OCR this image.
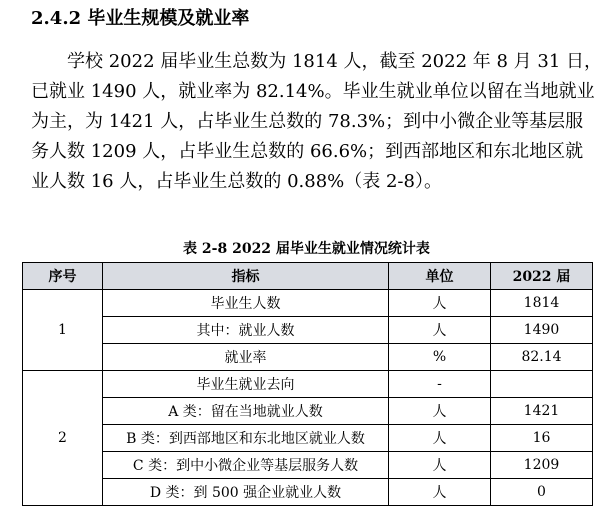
2.4.2 毕业生规模及就业率
学校 2022 届毕业生总数为 1814 人，截至 2022 年 8 月 31 日，
已就业 1490 人，就业率为 82.14%。毕业生就业单位以留在当地就业
为主，为 1421 人，占毕业生总数的 78.3%；到中小微企业等基层服
务人数 1209 人，占毕业生总数的 66.6%；到西部地区和东北地区就
业人数 16 人，占毕业生总数的 0.88%（表 2-8）。
表 2-8 2022 届毕业生就业情况统计表
序号	指标	单位	2022 届
1	毕业生人数	人	1814
	其中：就业人数	人	1490
	就业率	%	82.14
2	毕业生就业去向	-	
	A 类：留在当地就业人数	人	1421
	B 类：到西部地区和东北地区就业人数	人	16
	C 类：到中小微企业等基层服务人数	人	1209
	D 类：到 500 强企业就业人数	人	0
